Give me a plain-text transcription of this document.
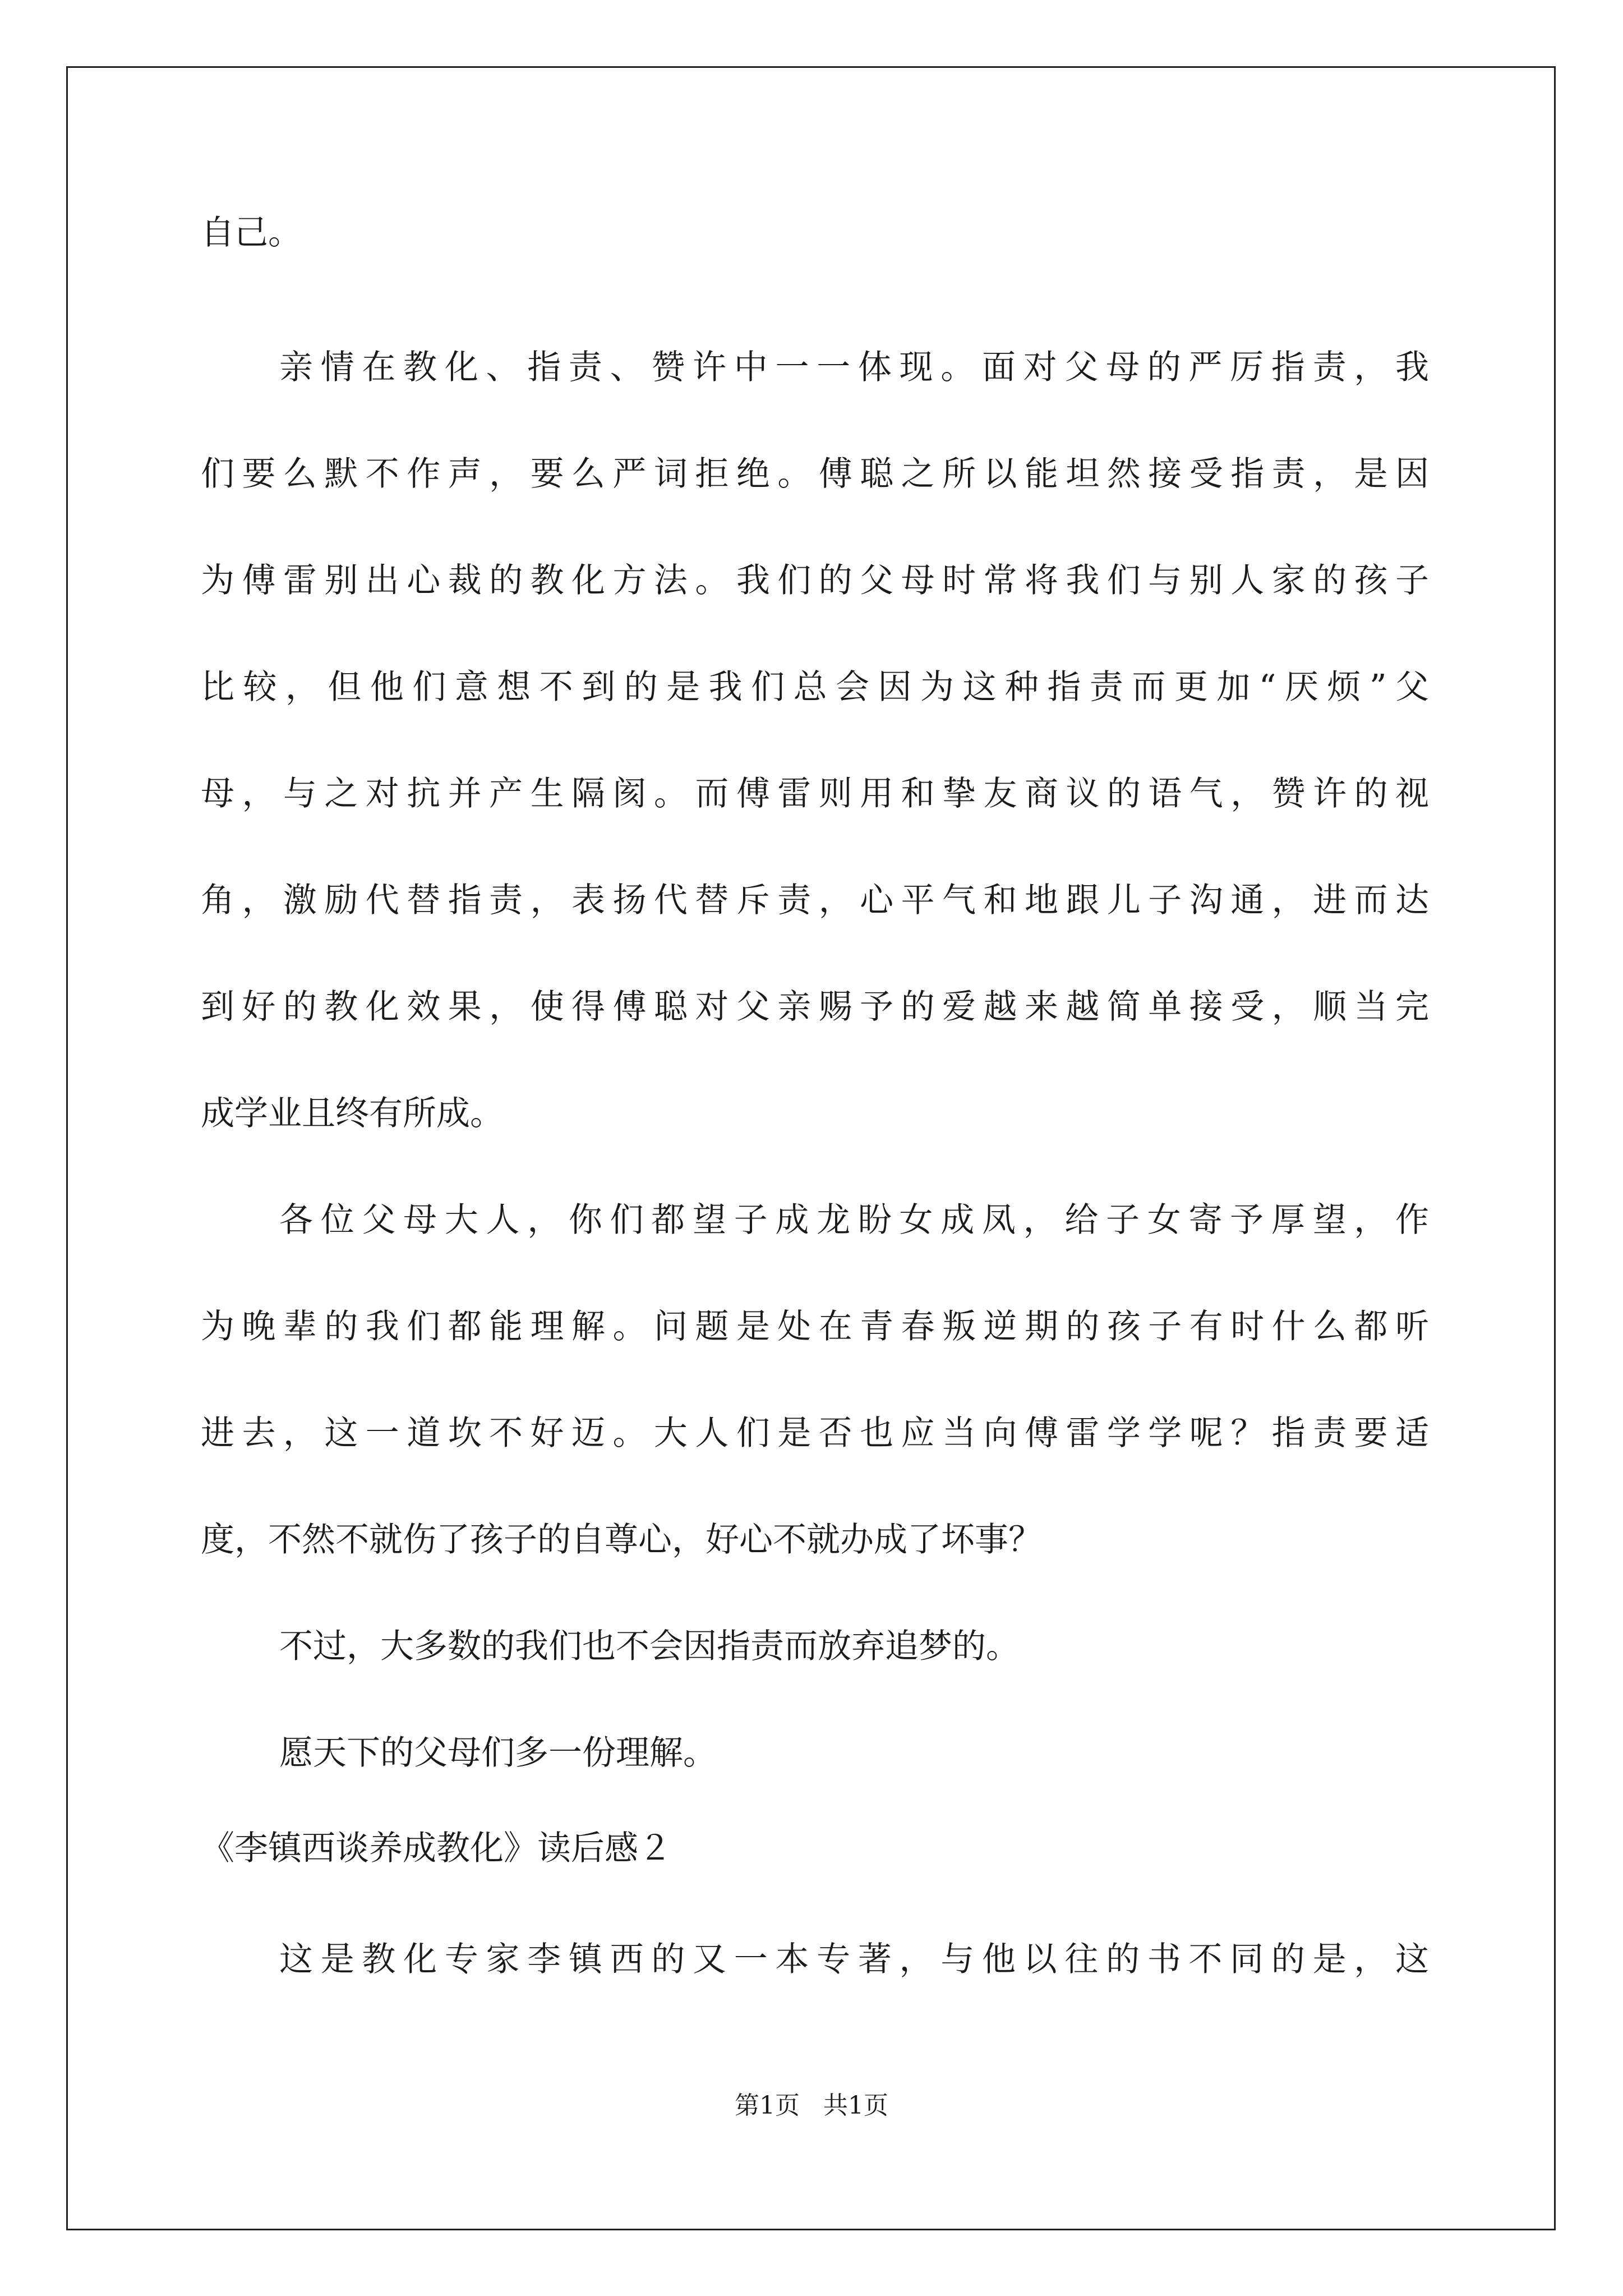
自己。
亲情在教化、指责、赞许中一一体现。面对父母的严厉指责，我
们要么默不作声，要么严词拒绝。傅聪之所以能坦然接受指责，是因
为傅雷别出心裁的教化方法。我们的父母时常将我们与别人家的孩子
比较，但他们意想不到的是我们总会因为这种指责而更加“厌烦”父
母，与之对抗并产生隔阂。而傅雷则用和挚友商议的语气，赞许的视
角，激励代替指责，表扬代替斥责，心平气和地跟儿子沟通，进而达
到好的教化效果，使得傅聪对父亲赐予的爱越来越简单接受，顺当完
成学业且终有所成。
各位父母大人，你们都望子成龙盼女成凤，给子女寄予厚望，作
为晚辈的我们都能理解。问题是处在青春叛逆期的孩子有时什么都听
进去，这一道坎不好迈。大人们是否也应当向傅雷学学呢？指责要适
度，不然不就伤了孩子的自尊心，好心不就办成了坏事？
不过，大多数的我们也不会因指责而放弃追梦的。
愿天下的父母们多一份理解。
《李镇西谈养成教化》读后感２
这是教化专家李镇西的又一本专著，与他以往的书不同的是，这
第1页 共1页
